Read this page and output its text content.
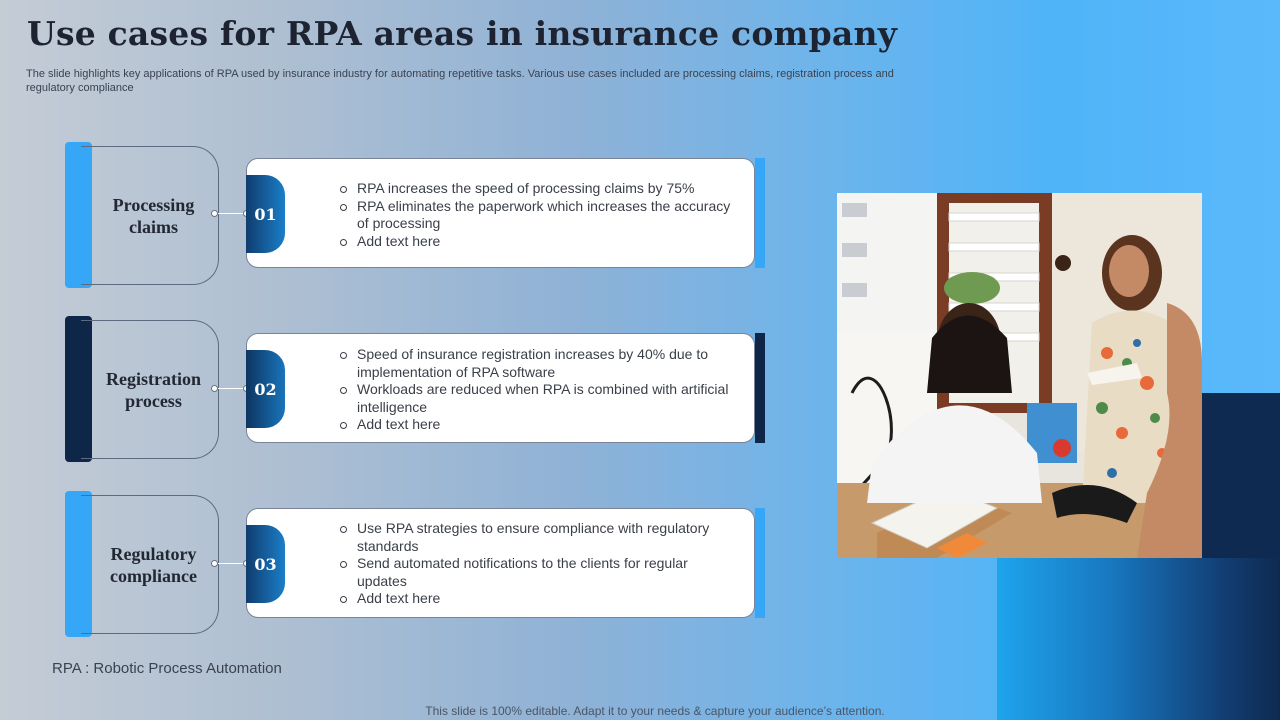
Use cases for RPA areas in insurance company
The slide highlights key applications of RPA used by insurance industry for automating repetitive tasks. Various use cases included are processing claims, registration process and regulatory compliance
Processing claims
01
RPA increases the speed of processing claims by 75%
RPA eliminates the paperwork which increases the accuracy of processing
Add text here
Registration process
02
Speed of insurance registration increases by 40% due to implementation of RPA software
Workloads are reduced when RPA is combined with artificial intelligence
Add text here
Regulatory compliance
03
Use RPA strategies to ensure compliance with regulatory standards
Send automated notifications to the clients for regular updates
Add text here
RPA : Robotic Process Automation
This slide is 100% editable. Adapt it to your needs & capture your audience’s attention.
